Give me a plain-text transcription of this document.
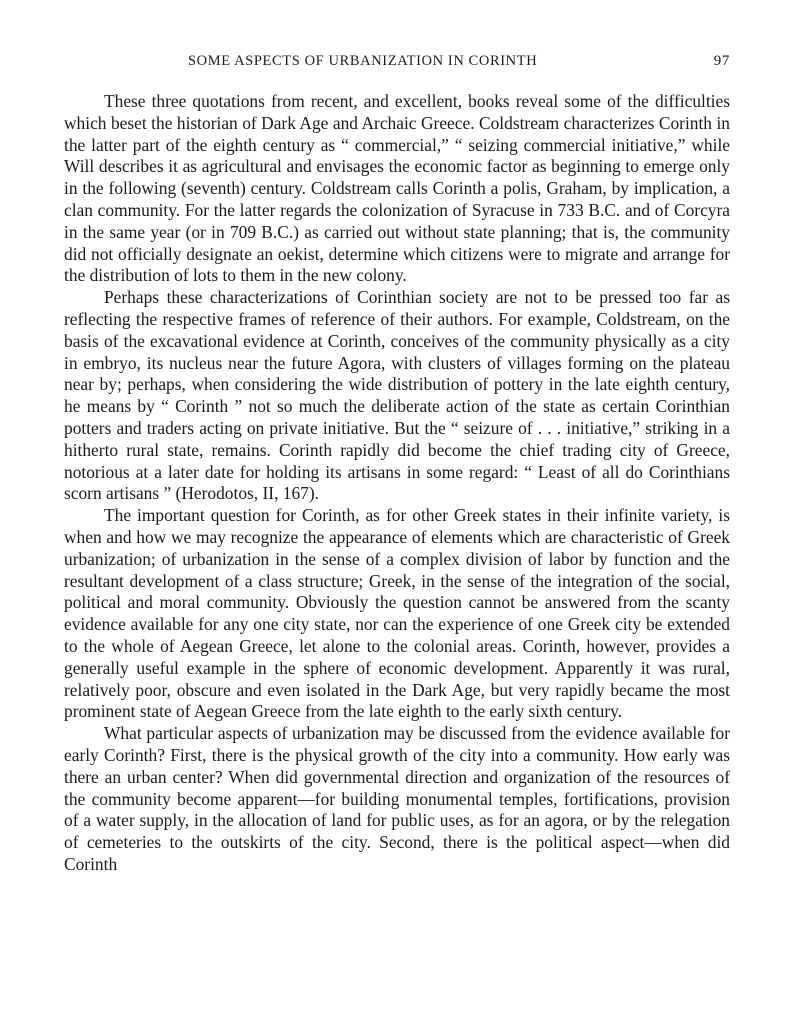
SOME ASPECTS OF URBANIZATION IN CORINTH	97

These three quotations from recent, and excellent, books reveal some of the difficulties which beset the historian of Dark Age and Archaic Greece. Coldstream characterizes Corinth in the latter part of the eighth century as “ commercial,” “ seizing commercial initiative,” while Will describes it as agricultural and envisages the economic factor as beginning to emerge only in the following (seventh) century. Coldstream calls Corinth a polis, Graham, by implication, a clan community. For the latter regards the colonization of Syracuse in 733 B.C. and of Corcyra in the same year (or in 709 B.C.) as carried out without state planning; that is, the community did not officially designate an oekist, determine which citizens were to migrate and arrange for the distribution of lots to them in the new colony.

Perhaps these characterizations of Corinthian society are not to be pressed too far as reflecting the respective frames of reference of their authors. For example, Coldstream, on the basis of the excavational evidence at Corinth, conceives of the community physically as a city in embryo, its nucleus near the future Agora, with clusters of villages forming on the plateau near by; perhaps, when considering the wide distribution of pottery in the late eighth century, he means by “ Corinth ” not so much the deliberate action of the state as certain Corinthian potters and traders acting on private initiative. But the “ seizure of . . . initiative,” striking in a hitherto rural state, remains. Corinth rapidly did become the chief trading city of Greece, notorious at a later date for holding its artisans in some regard: “ Least of all do Corinthians scorn artisans ” (Herodotos, II, 167).

The important question for Corinth, as for other Greek states in their infinite variety, is when and how we may recognize the appearance of elements which are characteristic of Greek urbanization; of urbanization in the sense of a complex division of labor by function and the resultant development of a class structure; Greek, in the sense of the integration of the social, political and moral community. Obviously the question cannot be answered from the scanty evidence available for any one city state, nor can the experience of one Greek city be extended to the whole of Aegean Greece, let alone to the colonial areas. Corinth, however, provides a generally useful example in the sphere of economic development. Apparently it was rural, relatively poor, obscure and even isolated in the Dark Age, but very rapidly became the most prominent state of Aegean Greece from the late eighth to the early sixth century.

What particular aspects of urbanization may be discussed from the evidence available for early Corinth? First, there is the physical growth of the city into a community. How early was there an urban center? When did governmental direction and organization of the resources of the community become apparent—for building monumental temples, fortifications, provision of a water supply, in the allocation of land for public uses, as for an agora, or by the relegation of cemeteries to the outskirts of the city. Second, there is the political aspect—when did Corinth
